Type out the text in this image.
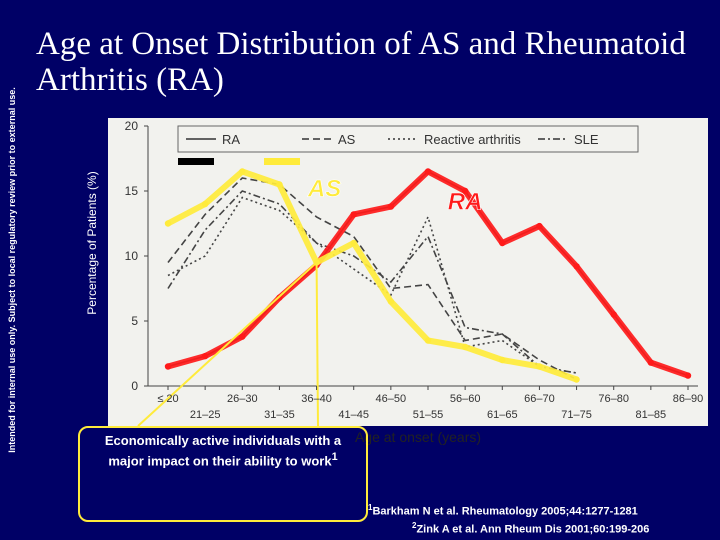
Intended for internal use only. Subject to local regulatory review prior to external use.
Age at Onset Distribution of AS and Rheumatoid Arthritis (RA)
Percentage of Patients (%)
0
5
10
15
20
RA	AS	Reactive arthritis	SLE
RA
AS
≤ 20
21–25
26–30
31–35
36–40
41–45
46–50
51–55
56–60
61–65
66–70
71–75
76–80
81–85
86–90
Age at onset (years)
Economically active individuals with a major impact on their ability to work$^1$
$^1$Barkham N et al. Rheumatology 2005;44:1277-1281
$^2$Zink A et al. Ann Rheum Dis 2001;60:199-206
